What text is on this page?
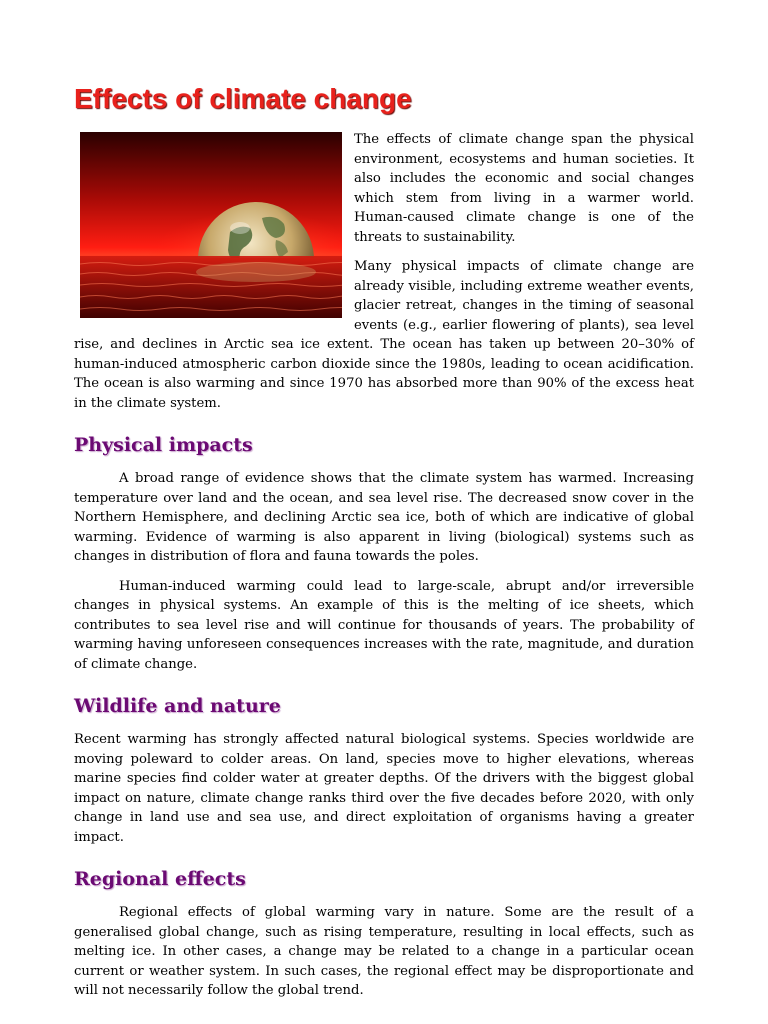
Effects of climate change

The effects of climate change span the physical environment, ecosystems and human societies. It also includes the economic and social changes which stem from living in a warmer world. Human-caused climate change is one of the threats to sustainability.

Many physical impacts of climate change are already visible, including extreme weather events, glacier retreat, changes in the timing of seasonal events (e.g., earlier flowering of plants), sea level rise, and declines in Arctic sea ice extent. The ocean has taken up between 20–30% of human-induced atmospheric carbon dioxide since the 1980s, leading to ocean acidification. The ocean is also warming and since 1970 has absorbed more than 90% of the excess heat in the climate system.

Physical impacts

A broad range of evidence shows that the climate system has warmed. Increasing temperature over land and the ocean, and sea level rise. The decreased snow cover in the Northern Hemisphere, and declining Arctic sea ice, both of which are indicative of global warming. Evidence of warming is also apparent in living (biological) systems such as changes in distribution of flora and fauna towards the poles.

Human-induced warming could lead to large-scale, abrupt and/or irreversible changes in physical systems. An example of this is the melting of ice sheets, which contributes to sea level rise and will continue for thousands of years. The probability of warming having unforeseen consequences increases with the rate, magnitude, and duration of climate change.

Wildlife and nature

Recent warming has strongly affected natural biological systems. Species worldwide are moving poleward to colder areas. On land, species move to higher elevations, whereas marine species find colder water at greater depths. Of the drivers with the biggest global impact on nature, climate change ranks third over the five decades before 2020, with only change in land use and sea use, and direct exploitation of organisms having a greater impact.

Regional effects

Regional effects of global warming vary in nature. Some are the result of a generalised global change, such as rising temperature, resulting in local effects, such as melting ice. In other cases, a change may be related to a change in a particular ocean current or weather system. In such cases, the regional effect may be disproportionate and will not necessarily follow the global trend.
